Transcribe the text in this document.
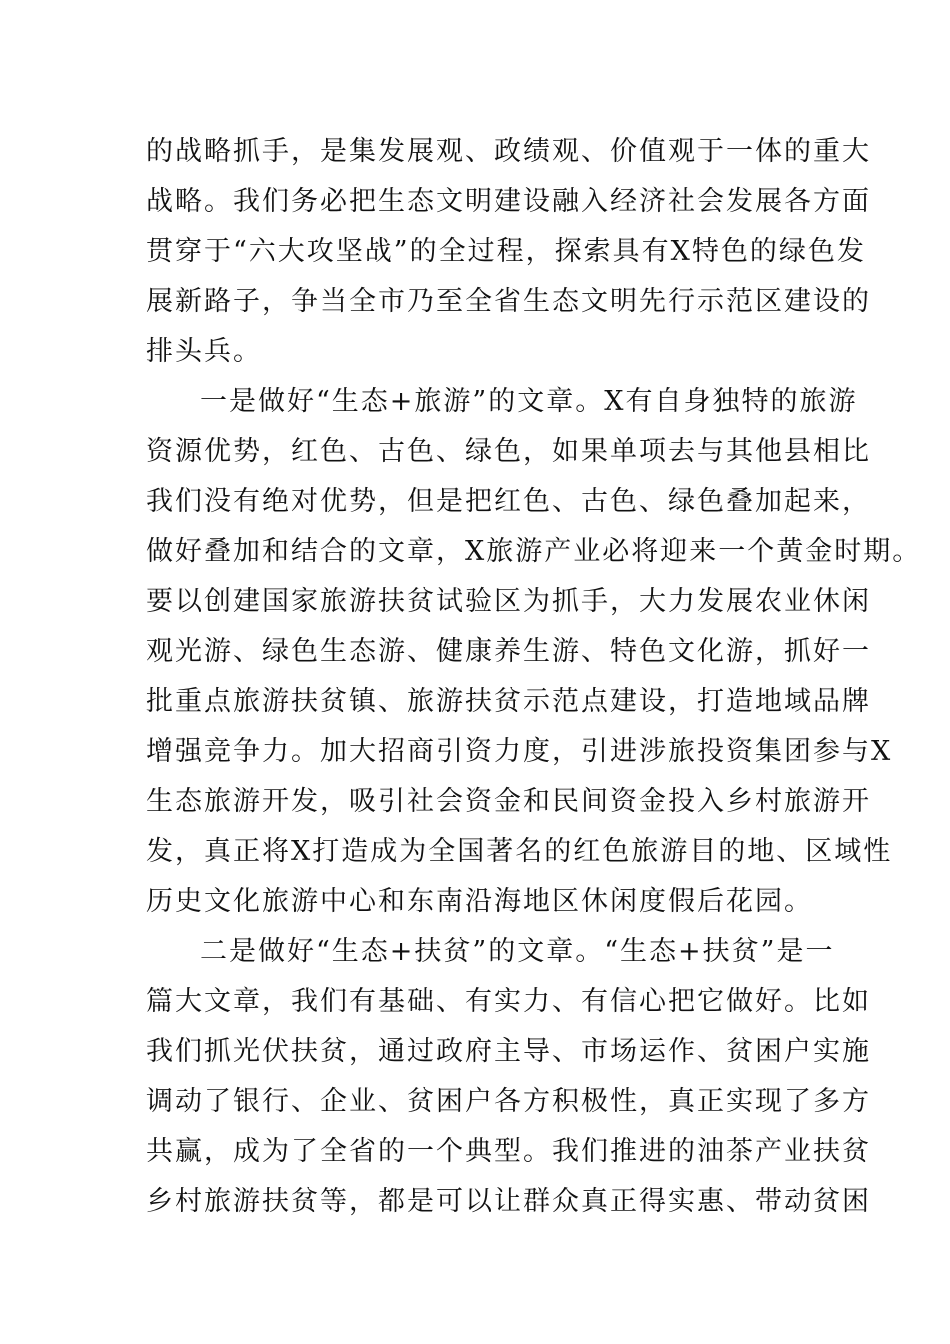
的战略抓手，是集发展观、政绩观、价值观于一体的重大
战略。我们务必把生态文明建设融入经济社会发展各方面
贯穿于“六大攻坚战”的全过程，探索具有X特色的绿色发
展新路子，争当全市乃至全省生态文明先行示范区建设的
排头兵。
一是做好“生态+旅游”的文章。X有自身独特的旅游
资源优势，红色、古色、绿色，如果单项去与其他县相比
我们没有绝对优势，但是把红色、古色、绿色叠加起来，
做好叠加和结合的文章，X旅游产业必将迎来一个黄金时期。
要以创建国家旅游扶贫试验区为抓手，大力发展农业休闲
观光游、绿色生态游、健康养生游、特色文化游，抓好一
批重点旅游扶贫镇、旅游扶贫示范点建设，打造地域品牌
增强竞争力。加大招商引资力度，引进涉旅投资集团参与X
生态旅游开发，吸引社会资金和民间资金投入乡村旅游开
发，真正将X打造成为全国著名的红色旅游目的地、区域性
历史文化旅游中心和东南沿海地区休闲度假后花园。
二是做好“生态+扶贫”的文章。“生态+扶贫”是一
篇大文章，我们有基础、有实力、有信心把它做好。比如
我们抓光伏扶贫，通过政府主导、市场运作、贫困户实施
调动了银行、企业、贫困户各方积极性，真正实现了多方
共赢，成为了全省的一个典型。我们推进的油茶产业扶贫
乡村旅游扶贫等，都是可以让群众真正得实惠、带动贫困
